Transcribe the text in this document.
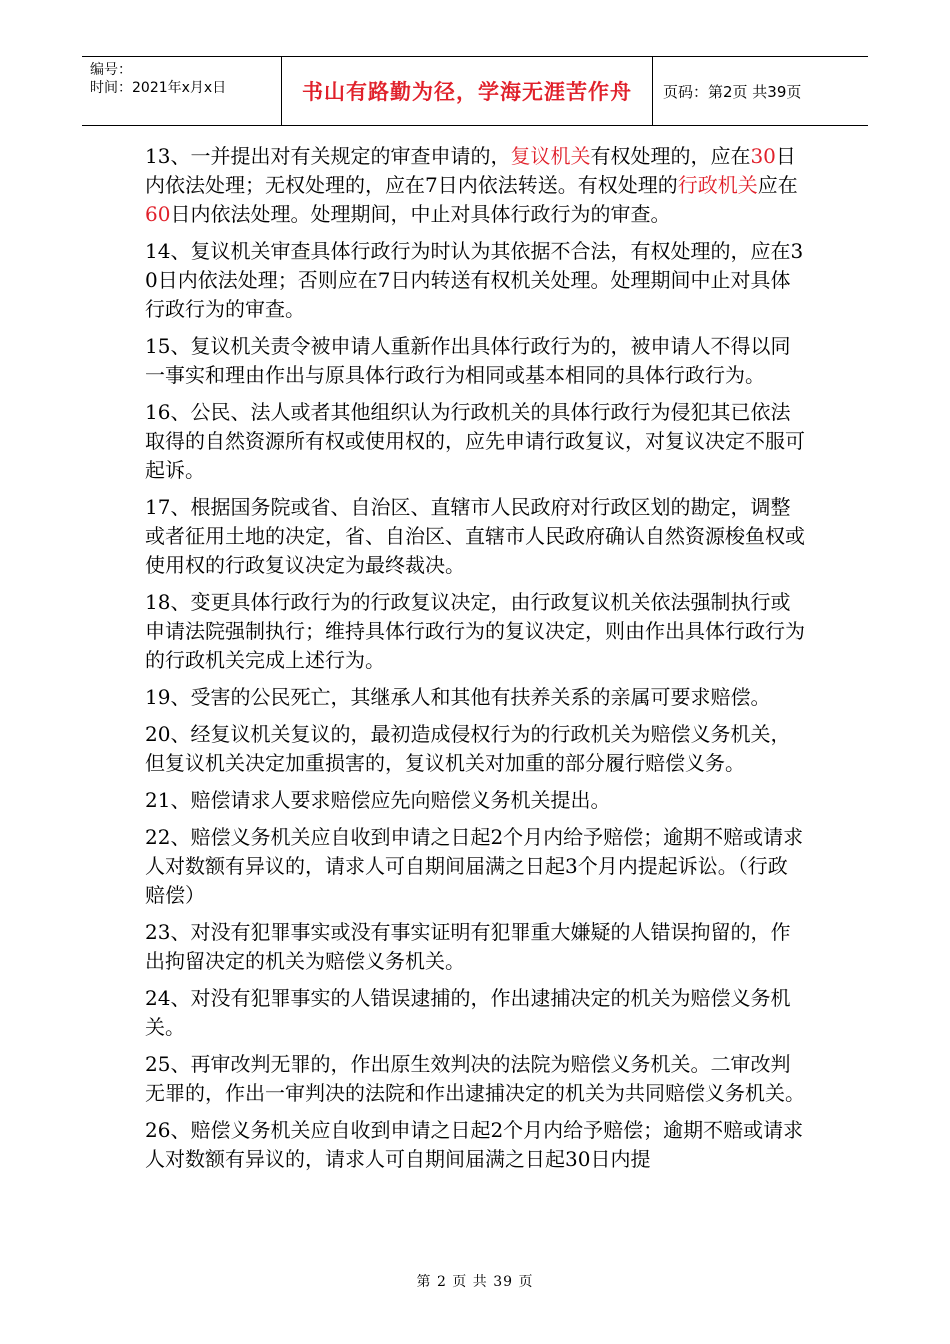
编号：
时间：2021年x月x日	书山有路勤为径，学海无涯苦作舟	页码：第2页 共39页

13、一并提出对有关规定的审查申请的，复议机关有权处理的，应在30日内依法处理；无权处理的，应在7日内依法转送。有权处理的行政机关应在60日内依法处理。处理期间，中止对具体行政行为的审查。

14、复议机关审查具体行政行为时认为其依据不合法，有权处理的，应在30日内依法处理；否则应在7日内转送有权机关处理。处理期间中止对具体行政行为的审查。

15、复议机关责令被申请人重新作出具体行政行为的，被申请人不得以同一事实和理由作出与原具体行政行为相同或基本相同的具体行政行为。

16、公民、法人或者其他组织认为行政机关的具体行政行为侵犯其已依法取得的自然资源所有权或使用权的，应先申请行政复议，对复议决定不服可起诉。

17、根据国务院或省、自治区、直辖市人民政府对行政区划的勘定，调整或者征用土地的决定，省、自治区、直辖市人民政府确认自然资源梭鱼权或使用权的行政复议决定为最终裁决。

18、变更具体行政行为的行政复议决定，由行政复议机关依法强制执行或申请法院强制执行；维持具体行政行为的复议决定，则由作出具体行政行为的行政机关完成上述行为。

19、受害的公民死亡，其继承人和其他有扶养关系的亲属可要求赔偿。

20、经复议机关复议的，最初造成侵权行为的行政机关为赔偿义务机关，但复议机关决定加重损害的，复议机关对加重的部分履行赔偿义务。

21、赔偿请求人要求赔偿应先向赔偿义务机关提出。

22、赔偿义务机关应自收到申请之日起2个月内给予赔偿；逾期不赔或请求人对数额有异议的，请求人可自期间届满之日起3个月内提起诉讼。（行政赔偿）

23、对没有犯罪事实或没有事实证明有犯罪重大嫌疑的人错误拘留的，作出拘留决定的机关为赔偿义务机关。

24、对没有犯罪事实的人错误逮捕的，作出逮捕决定的机关为赔偿义务机关。

25、再审改判无罪的，作出原生效判决的法院为赔偿义务机关。二审改判无罪的，作出一审判决的法院和作出逮捕决定的机关为共同赔偿义务机关。

26、赔偿义务机关应自收到申请之日起2个月内给予赔偿；逾期不赔或请求人对数额有异议的，请求人可自期间届满之日起30日内提

第 2 页 共 39 页
